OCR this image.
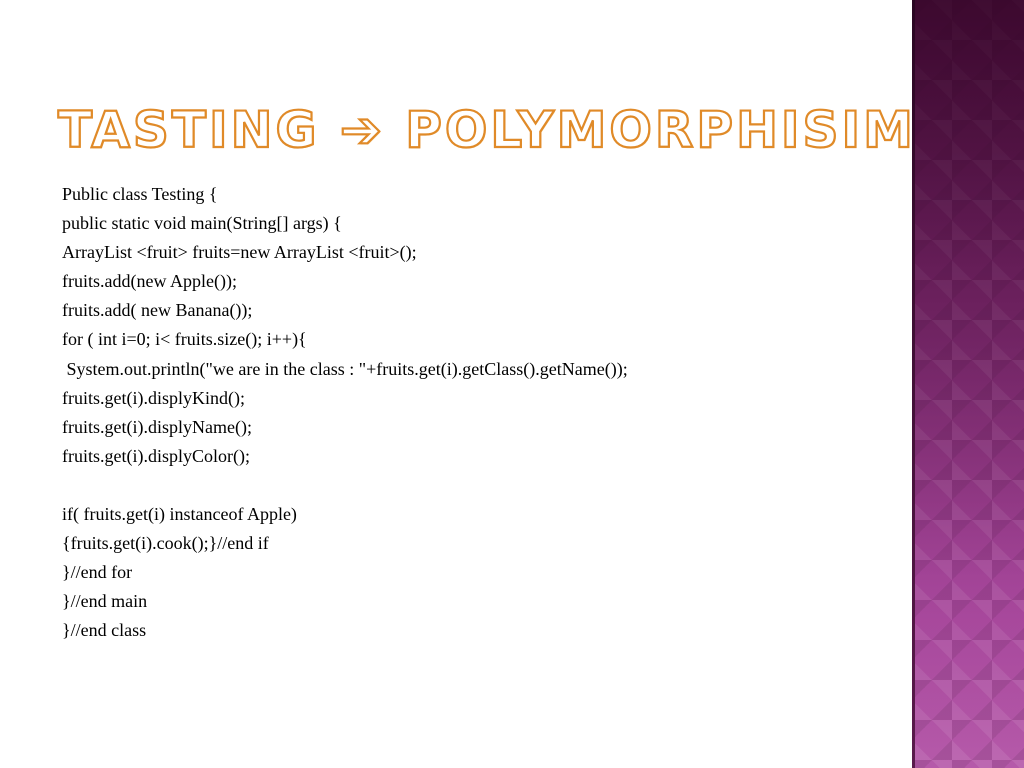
TASTING ➔ POLYMORPHISIM
Public class Testing {
public static void main(String[] args) {
ArrayList <fruit> fruits=new ArrayList <fruit>();
fruits.add(new Apple());
fruits.add( new Banana());
for ( int i=0; i< fruits.size(); i++){
System.out.println("we are in the class : "+fruits.get(i).getClass().getName());
fruits.get(i).displyKind();
fruits.get(i).displyName();
fruits.get(i).displyColor();
if( fruits.get(i) instanceof Apple)
{fruits.get(i).cook();}//end if
}//end for
}//end main
}//end class
